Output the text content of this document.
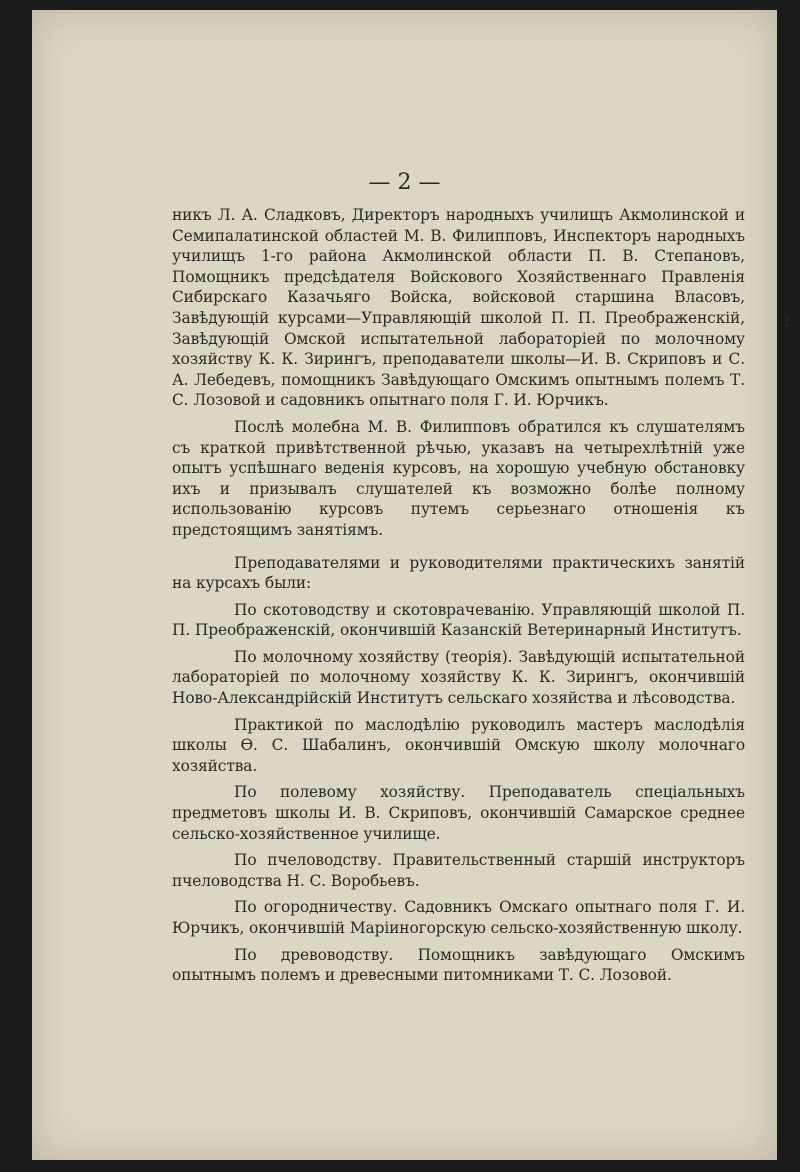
— 2 —

никъ Л. А. Сладковъ, Директоръ народныхъ училищъ Акмолинской и Семипалатинской областей М. В. Филипповъ, Инспекторъ народныхъ училищъ 1-го района Акмолинской области П. В. Степановъ, Помощникъ предсѣдателя Войскового Хозяйственнаго Правленія Сибирскаго Казачьяго Войска, войсковой старшина Власовъ, Завѣдующій курсами—Управляющій школой П. П. Преображенскій, Завѣдующій Омской испытательной лабораторіей по молочному хозяйству К. К. Зирингъ, преподаватели школы—И. В. Скриповъ и С. А. Лебедевъ, помощникъ Завѣдующаго Омскимъ опытнымъ полемъ Т. С. Лозовой и садовникъ опытнаго поля Г. И. Юрчикъ.

Послѣ молебна М. В. Филипповъ обратился къ слушателямъ съ краткой привѣтственной рѣчью, указавъ на четырехлѣтній уже опытъ успѣшнаго веденія курсовъ, на хорошую учебную обстановку ихъ и призывалъ слушателей къ возможно болѣе полному использованію курсовъ путемъ серьезнаго отношенія къ предстоящимъ занятіямъ.

Преподавателями и руководителями практическихъ занятій на курсахъ были:

По скотоводству и скотоврачеванію. Управляющій школой П. П. Преображенскій, окончившій Казанскій Ветеринарный Институтъ.

По молочному хозяйству (теорія). Завѣдующій испытательной лабораторіей по молочному хозяйству К. К. Зирингъ, окончившій Ново-Александрійскій Институтъ сельскаго хозяйства и лѣсоводства.

Практикой по маслодѣлію руководилъ мастеръ маслодѣлія школы Ѳ. С. Шабалинъ, окончившій Омскую школу молочнаго хозяйства.

По полевому хозяйству. Преподаватель спеціальныхъ предметовъ школы И. В. Скриповъ, окончившій Самарское среднее сельско-хозяйственное училище.

По пчеловодству. Правительственный старшій инструкторъ пчеловодства Н. С. Воробьевъ.

По огородничеству. Садовникъ Омскаго опытнаго поля Г. И. Юрчикъ, окончившій Маріиногорскую сельско-хозяйственную школу.

По древоводству. Помощникъ завѣдующаго Омскимъ опытнымъ полемъ и древесными питомниками Т. С. Лозовой.

ɪ
